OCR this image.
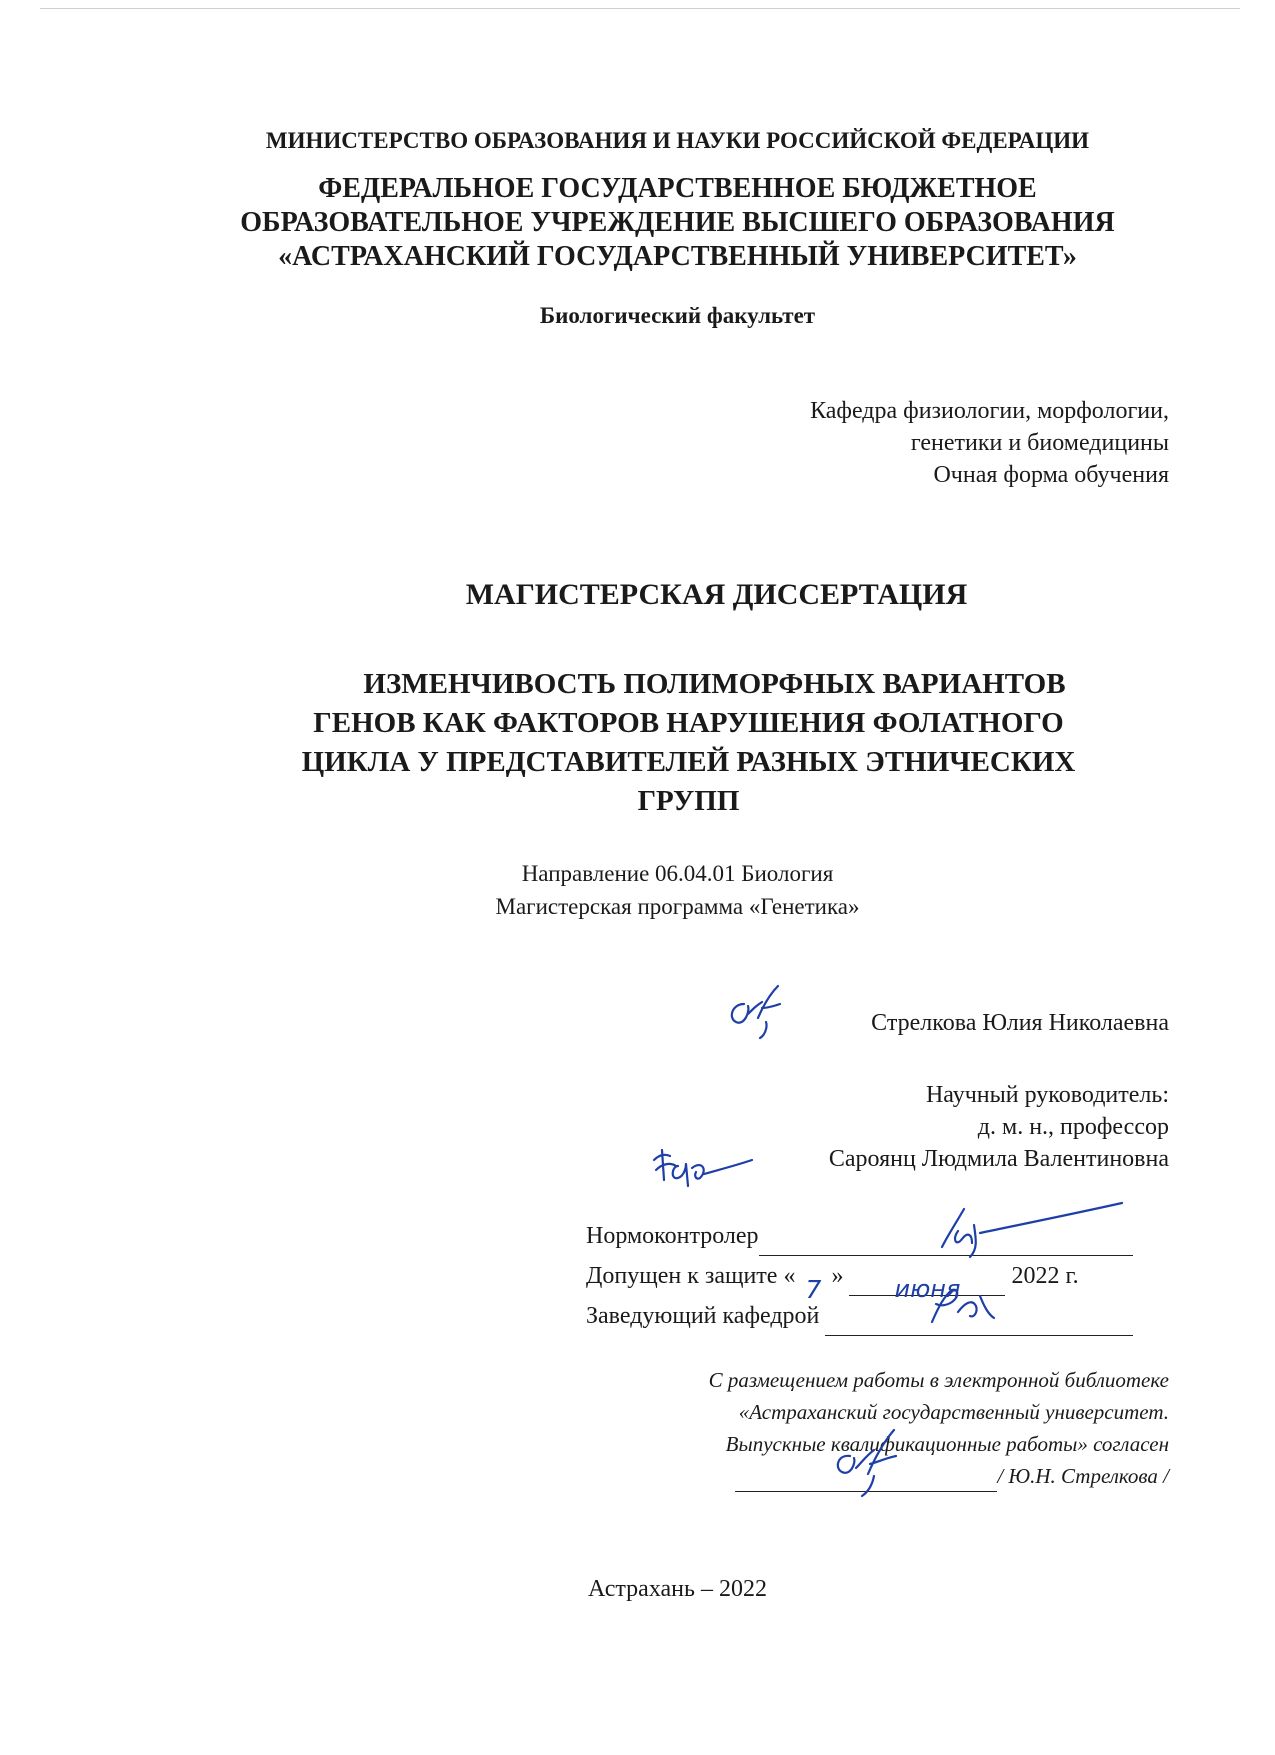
МИНИСТЕРСТВО ОБРАЗОВАНИЯ И НАУКИ РОССИЙСКОЙ ФЕДЕРАЦИИ
ФЕДЕРАЛЬНОЕ ГОСУДАРСТВЕННОЕ БЮДЖЕТНОЕ
ОБРАЗОВАТЕЛЬНОЕ УЧРЕЖДЕНИЕ ВЫСШЕГО ОБРАЗОВАНИЯ
«АСТРАХАНСКИЙ ГОСУДАРСТВЕННЫЙ УНИВЕРСИТЕТ»
Биологический факультет
Кафедра физиологии, морфологии,
генетики и биомедицины
Очная форма обучения
МАГИСТЕРСКАЯ ДИССЕРТАЦИЯ
ИЗМЕНЧИВОСТЬ ПОЛИМОРФНЫХ ВАРИАНТОВ
ГЕНОВ КАК ФАКТОРОВ НАРУШЕНИЯ ФОЛАТНОГО
ЦИКЛА У ПРЕДСТАВИТЕЛЕЙ РАЗНЫХ ЭТНИЧЕСКИХ
ГРУПП
Направление 06.04.01 Биология
Магистерская программа «Генетика»
Стрелкова Юлия Николаевна
Научный руководитель:
д. м. н., профессор
Сароянц Людмила Валентиновна
Нормоконтролер
Допущен к защите « 7 » июня 2022 г.
Заведующий кафедрой
С размещением работы в электронной библиотеке
«Астраханский государственный университет.
Выпускные квалификационные работы» согласен
/ Ю.Н. Стрелкова /
Астрахань – 2022
